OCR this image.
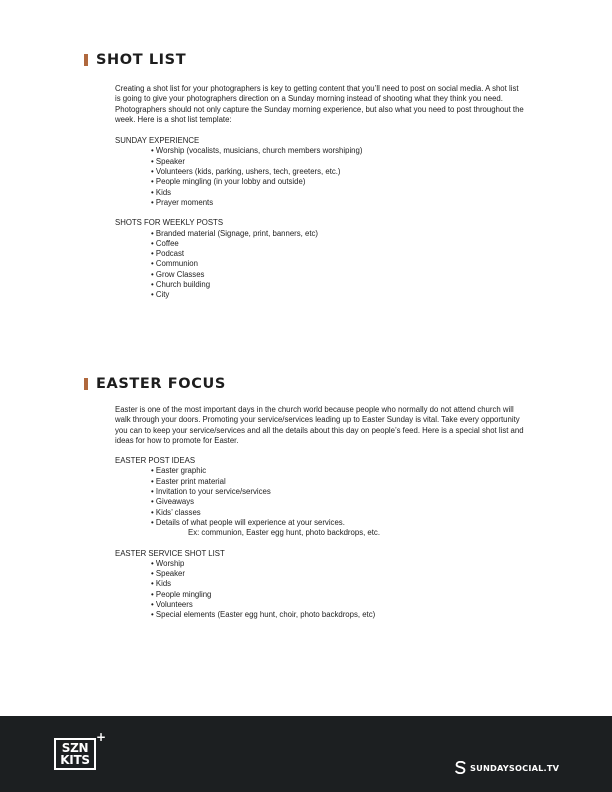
SHOT LIST

Creating a shot list for your photographers is key to getting content that you’ll need to post on social media. A shot list is going to give your photographers direction on a Sunday morning instead of shooting what they think you need. Photographers should not only capture the Sunday morning experience, but also what you need to post throughout the week. Here is a shot list template:

SUNDAY EXPERIENCE

• Worship (vocalists, musicians, church members worshiping)
• Speaker
• Volunteers (kids, parking, ushers, tech, greeters, etc.)
• People mingling (in your lobby and outside)
• Kids
• Prayer moments

SHOTS FOR WEEKLY POSTS

• Branded material (Signage, print, banners, etc)
• Coffee
• Podcast
• Communion
• Grow Classes
• Church building
• City
EASTER FOCUS

Easter is one of the most important days in the church world because people who normally do not attend church will walk through your doors. Promoting your service/services leading up to Easter Sunday is vital. Take every opportunity you can to keep your service/services and all the details about this day on people’s feed. Here is a special shot list and ideas for how to promote for Easter.

EASTER POST IDEAS

• Easter graphic
• Easter print material
• Invitation to your service/services
• Giveaways
• Kids’ classes
• Details of what people will experience at your services.
Ex: communion, Easter egg hunt, photo backdrops, etc.

EASTER SERVICE SHOT LIST

• Worship
• Speaker
• Kids
• People mingling
• Volunteers
• Special elements (Easter egg hunt, choir, photo backdrops, etc)
SZN
KITS
+
SUNDAYSOCIAL.TV
